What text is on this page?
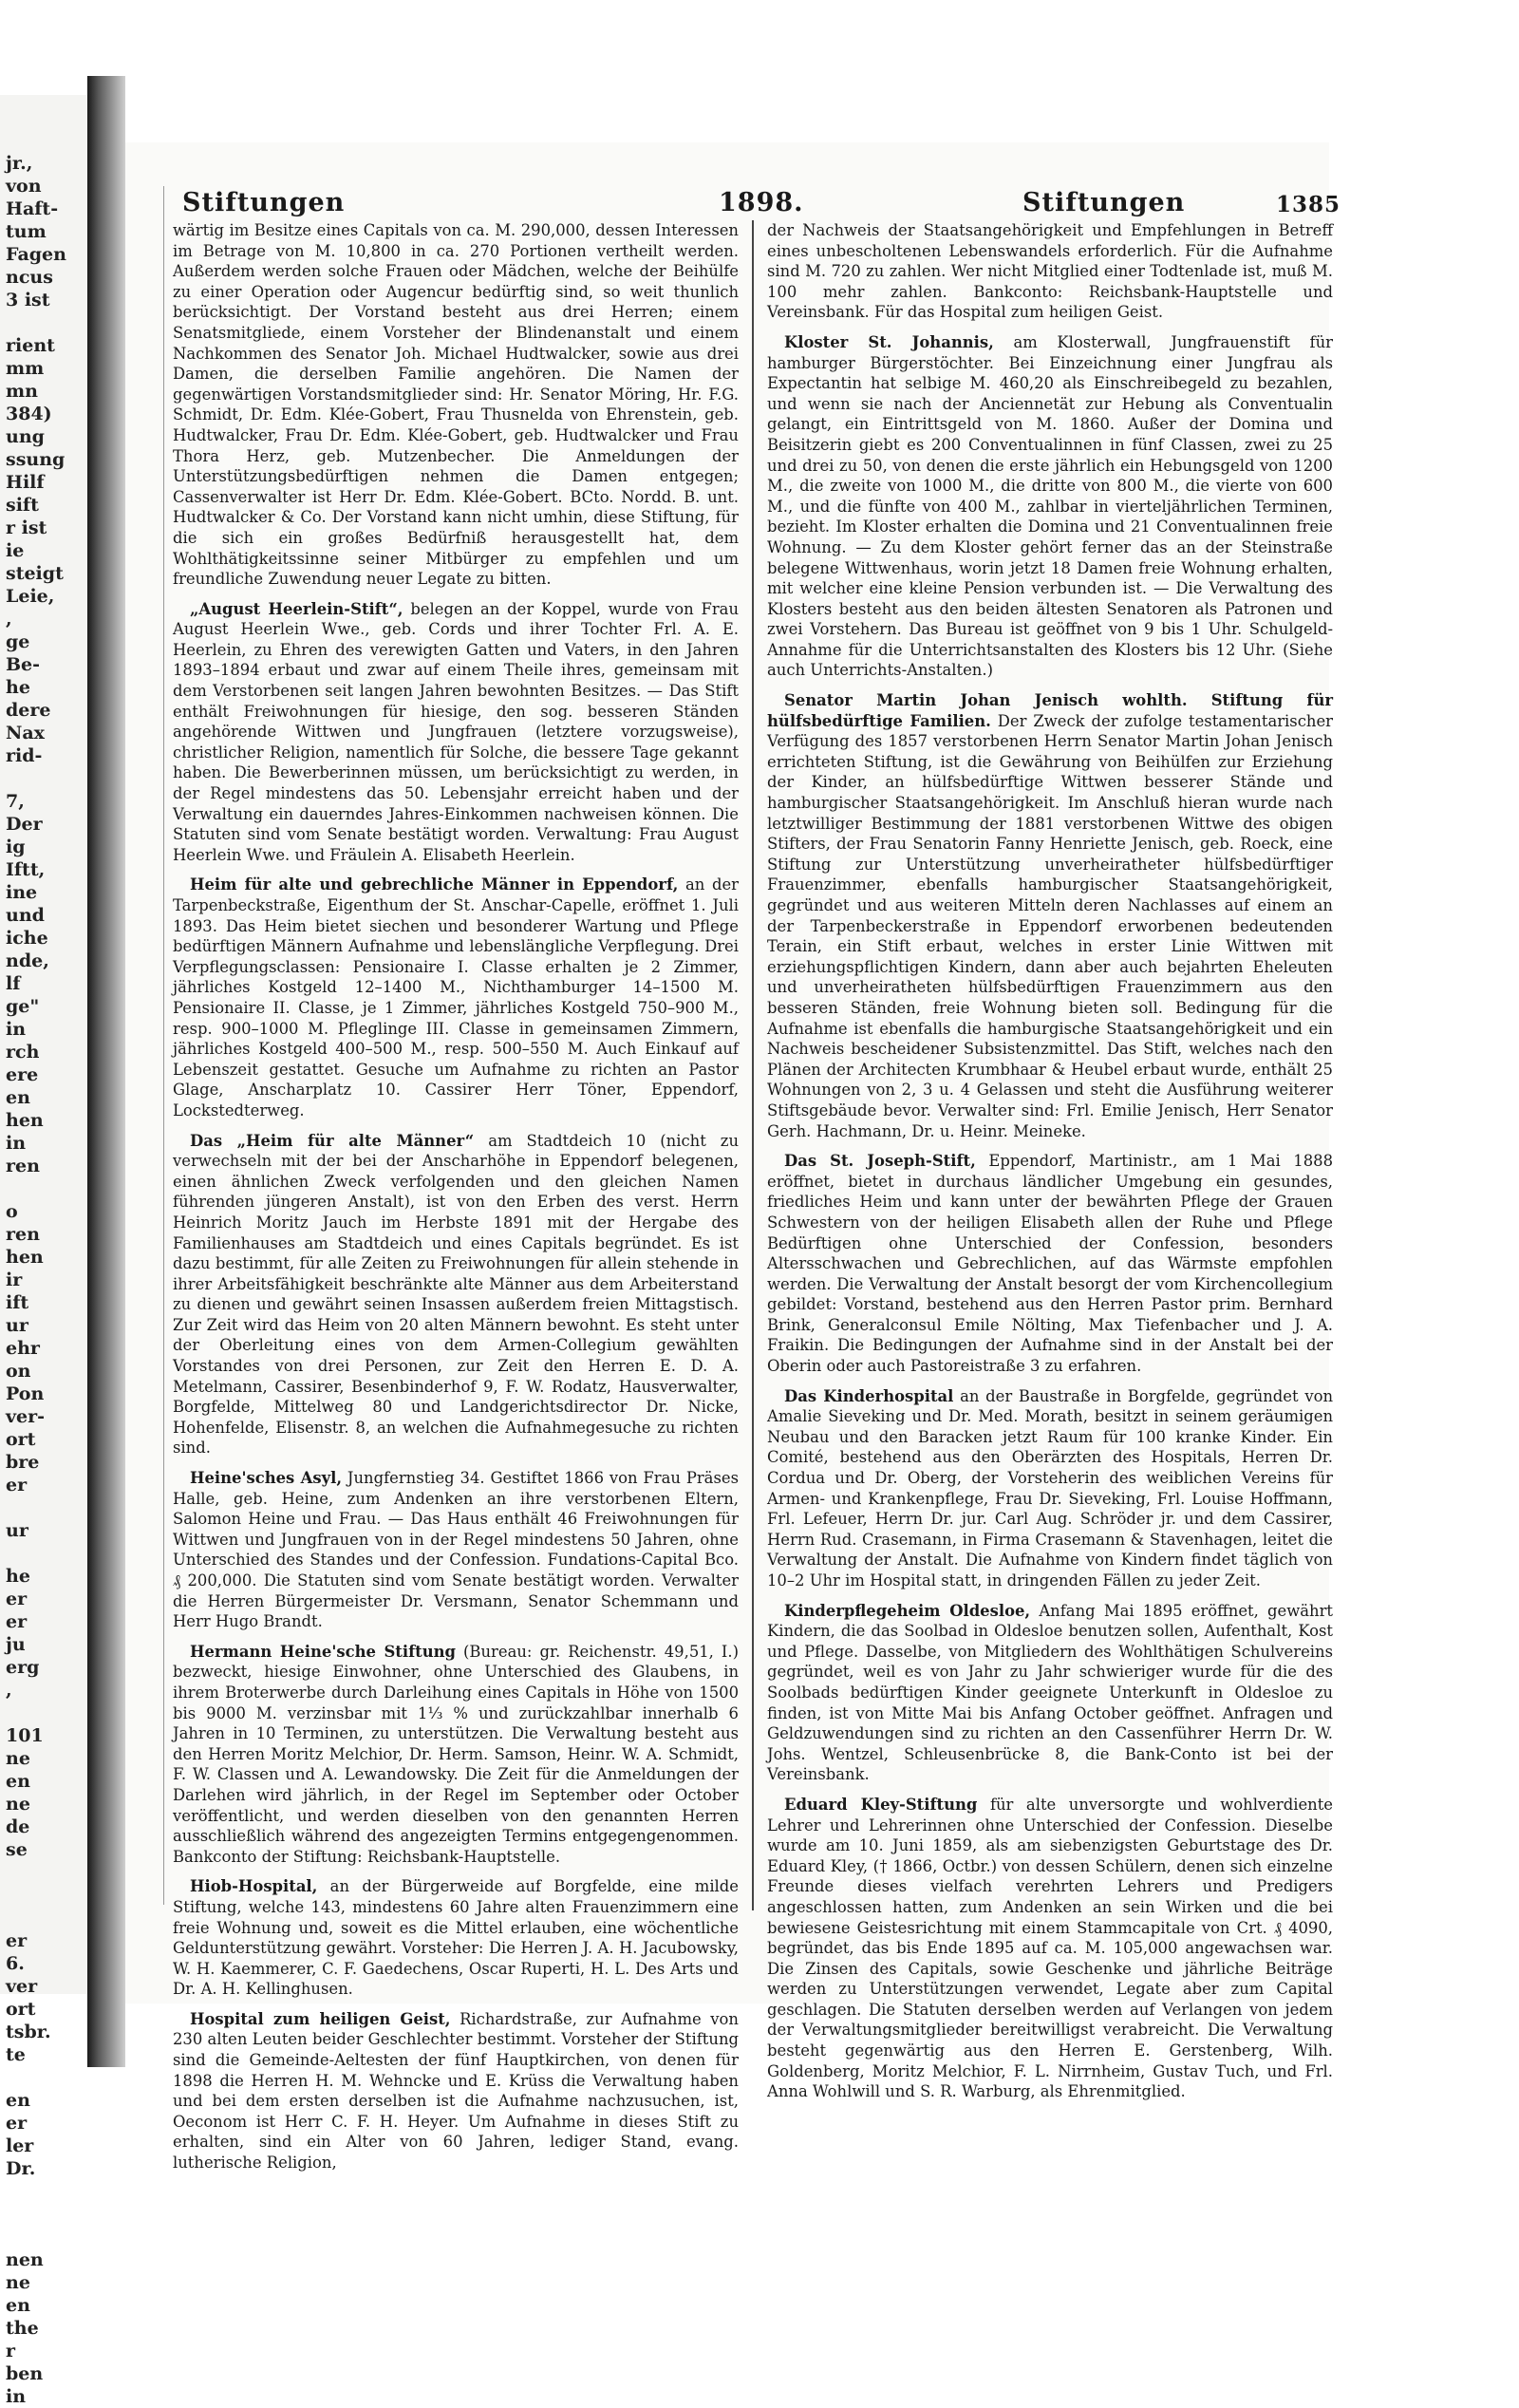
jr.,
von
Haft-
tum
Fagen
ncus
3 ist
rient
mm
mn
384)
ung
ssung
Hilf
sift
r ist
ie
steigt
Leie,
,
ge
Be-
he
dere
Nax
rid-
7,
Der
ig
Iftt,
ine
und
iche
nde,
lf
ge"
in
rch
ere
en
hen
in
ren
o
ren
hen
ir
ift
ur
ehr
on
Pon
ver-
ort
bre
er
ur
he
er
er
ju
erg
,
101
ne
en
ne
de
se
er
6.
ver
ort
tsbr.
te
en
er
ler
Dr.
nen
ne
en
the
r
ben
in
Stiftungen	1898.	Stiftungen	1385

wärtig im Besitze eines Capitals von ca. M. 290,000, dessen Interessen im Betrage von M. 10,800 in ca. 270 Portionen vertheilt werden. Außerdem werden solche Frauen oder Mädchen, welche der Beihülfe zu einer Operation oder Augencur bedürftig sind, so weit thunlich berücksichtigt. Der Vorstand besteht aus drei Herren; einem Senatsmitgliede, einem Vorsteher der Blindenanstalt und einem Nachkommen des Senator Joh. Michael Hudtwalcker, sowie aus drei Damen, die derselben Familie angehören. Die Namen der gegenwärtigen Vorstandsmitglieder sind: Hr. Senator Möring, Hr. F.G. Schmidt, Dr. Edm. Klée-Gobert, Frau Thusnelda von Ehrenstein, geb. Hudtwalcker, Frau Dr. Edm. Klée-Gobert, geb. Hudtwalcker und Frau Thora Herz, geb. Mutzenbecher. Die Anmeldungen der Unterstützungsbedürftigen nehmen die Damen entgegen; Cassenverwalter ist Herr Dr. Edm. Klée-Gobert. BCto. Nordd. B. unt. Hudtwalcker & Co. Der Vorstand kann nicht umhin, diese Stiftung, für die sich ein großes Bedürfniß herausgestellt hat, dem Wohlthätigkeitssinne seiner Mitbürger zu empfehlen und um freundliche Zuwendung neuer Legate zu bitten.

„August Heerlein-Stift“, belegen an der Koppel, wurde von Frau August Heerlein Wwe., geb. Cords und ihrer Tochter Frl. A. E. Heerlein, zu Ehren des verewigten Gatten und Vaters, in den Jahren 1893–1894 erbaut und zwar auf einem Theile ihres, gemeinsam mit dem Verstorbenen seit langen Jahren bewohnten Besitzes. — Das Stift enthält Freiwohnungen für hiesige, den sog. besseren Ständen angehörende Wittwen und Jungfrauen (letztere vorzugsweise), christlicher Religion, namentlich für Solche, die bessere Tage gekannt haben. Die Bewerberinnen müssen, um berücksichtigt zu werden, in der Regel mindestens das 50. Lebensjahr erreicht haben und der Verwaltung ein dauerndes Jahres-Einkommen nachweisen können. Die Statuten sind vom Senate bestätigt worden. Verwaltung: Frau August Heerlein Wwe. und Fräulein A. Elisabeth Heerlein.

Heim für alte und gebrechliche Männer in Eppendorf, an der Tarpenbeckstraße, Eigenthum der St. Anschar-Capelle, eröffnet 1. Juli 1893. Das Heim bietet siechen und besonderer Wartung und Pflege bedürftigen Männern Aufnahme und lebenslängliche Verpflegung. Drei Verpflegungsclassen: Pensionaire I. Classe erhalten je 2 Zimmer, jährliches Kostgeld 12–1400 M., Nichthamburger 14–1500 M. Pensionaire II. Classe, je 1 Zimmer, jährliches Kostgeld 750–900 M., resp. 900–1000 M. Pfleglinge III. Classe in gemeinsamen Zimmern, jährliches Kostgeld 400–500 M., resp. 500–550 M. Auch Einkauf auf Lebenszeit gestattet. Gesuche um Aufnahme zu richten an Pastor Glage, Anscharplatz 10. Cassirer Herr Töner, Eppendorf, Lockstedterweg.

Das „Heim für alte Männer“ am Stadtdeich 10 (nicht zu verwechseln mit der bei der Anscharhöhe in Eppendorf belegenen, einen ähnlichen Zweck verfolgenden und den gleichen Namen führenden jüngeren Anstalt), ist von den Erben des verst. Herrn Heinrich Moritz Jauch im Herbste 1891 mit der Hergabe des Familienhauses am Stadtdeich und eines Capitals begründet. Es ist dazu bestimmt, für alle Zeiten zu Freiwohnungen für allein stehende in ihrer Arbeitsfähigkeit beschränkte alte Männer aus dem Arbeiterstand zu dienen und gewährt seinen Insassen außerdem freien Mittagstisch. Zur Zeit wird das Heim von 20 alten Männern bewohnt. Es steht unter der Oberleitung eines von dem Armen-Collegium gewählten Vorstandes von drei Personen, zur Zeit den Herren E. D. A. Metelmann, Cassirer, Besenbinderhof 9, F. W. Rodatz, Hausverwalter, Borgfelde, Mittelweg 80 und Landgerichtsdirector Dr. Nicke, Hohenfelde, Elisenstr. 8, an welchen die Aufnahmegesuche zu richten sind.

Heine'sches Asyl, Jungfernstieg 34. Gestiftet 1866 von Frau Präses Halle, geb. Heine, zum Andenken an ihre verstorbenen Eltern, Salomon Heine und Frau. — Das Haus enthält 46 Freiwohnungen für Wittwen und Jungfrauen von in der Regel mindestens 50 Jahren, ohne Unterschied des Standes und der Confession. Fundations-Capital Bco. ₰ 200,000. Die Statuten sind vom Senate bestätigt worden. Verwalter die Herren Bürgermeister Dr. Versmann, Senator Schemmann und Herr Hugo Brandt.

Hermann Heine'sche Stiftung (Bureau: gr. Reichenstr. 49,51, I.) bezweckt, hiesige Einwohner, ohne Unterschied des Glaubens, in ihrem Broterwerbe durch Darleihung eines Capitals in Höhe von 1500 bis 9000 M. verzinsbar mit 1⅓ % und zurückzahlbar innerhalb 6 Jahren in 10 Terminen, zu unterstützen. Die Verwaltung besteht aus den Herren Moritz Melchior, Dr. Herm. Samson, Heinr. W. A. Schmidt, F. W. Classen und A. Lewandowsky. Die Zeit für die Anmeldungen der Darlehen wird jährlich, in der Regel im September oder October veröffentlicht, und werden dieselben von den genannten Herren ausschließlich während des angezeigten Termins entgegengenommen. Bankconto der Stiftung: Reichsbank-Hauptstelle.

Hiob-Hospital, an der Bürgerweide auf Borgfelde, eine milde Stiftung, welche 143, mindestens 60 Jahre alten Frauenzimmern eine freie Wohnung und, soweit es die Mittel erlauben, eine wöchentliche Geldunterstützung gewährt. Vorsteher: Die Herren J. A. H. Jacubowsky, W. H. Kaemmerer, C. F. Gaedechens, Oscar Ruperti, H. L. Des Arts und Dr. A. H. Kellinghusen.

Hospital zum heiligen Geist, Richardstraße, zur Aufnahme von 230 alten Leuten beider Geschlechter bestimmt. Vorsteher der Stiftung sind die Gemeinde-Aeltesten der fünf Hauptkirchen, von denen für 1898 die Herren H. M. Wehncke und E. Krüss die Verwaltung haben und bei dem ersten derselben ist die Aufnahme nachzusuchen, ist, Oeconom ist Herr C. F. H. Heyer. Um Aufnahme in dieses Stift zu erhalten, sind ein Alter von 60 Jahren, lediger Stand, evang. lutherische Religion,

der Nachweis der Staatsangehörigkeit und Empfehlungen in Betreff eines unbescholtenen Lebenswandels erforderlich. Für die Aufnahme sind M. 720 zu zahlen. Wer nicht Mitglied einer Todtenlade ist, muß M. 100 mehr zahlen. Bankconto: Reichsbank-Hauptstelle und Vereinsbank. Für das Hospital zum heiligen Geist.

Kloster St. Johannis, am Klosterwall, Jungfrauenstift für hamburger Bürgerstöchter. Bei Einzeichnung einer Jungfrau als Expectantin hat selbige M. 460,20 als Einschreibegeld zu bezahlen, und wenn sie nach der Anciennetät zur Hebung als Conventualin gelangt, ein Eintrittsgeld von M. 1860. Außer der Domina und Beisitzerin giebt es 200 Conventualinnen in fünf Classen, zwei zu 25 und drei zu 50, von denen die erste jährlich ein Hebungsgeld von 1200 M., die zweite von 1000 M., die dritte von 800 M., die vierte von 600 M., und die fünfte von 400 M., zahlbar in vierteljährlichen Terminen, bezieht. Im Kloster erhalten die Domina und 21 Conventualinnen freie Wohnung. — Zu dem Kloster gehört ferner das an der Steinstraße belegene Wittwenhaus, worin jetzt 18 Damen freie Wohnung erhalten, mit welcher eine kleine Pension verbunden ist. — Die Verwaltung des Klosters besteht aus den beiden ältesten Senatoren als Patronen und zwei Vorstehern. Das Bureau ist geöffnet von 9 bis 1 Uhr. Schulgeld-Annahme für die Unterrichtsanstalten des Klosters bis 12 Uhr. (Siehe auch Unterrichts-Anstalten.)

Senator Martin Johan Jenisch wohlth. Stiftung für hülfsbedürftige Familien. Der Zweck der zufolge testamentarischer Verfügung des 1857 verstorbenen Herrn Senator Martin Johan Jenisch errichteten Stiftung, ist die Gewährung von Beihülfen zur Erziehung der Kinder, an hülfsbedürftige Wittwen besserer Stände und hamburgischer Staatsangehörigkeit. Im Anschluß hieran wurde nach letztwilliger Bestimmung der 1881 verstorbenen Wittwe des obigen Stifters, der Frau Senatorin Fanny Henriette Jenisch, geb. Roeck, eine Stiftung zur Unterstützung unverheiratheter hülfsbedürftiger Frauenzimmer, ebenfalls hamburgischer Staatsangehörigkeit, gegründet und aus weiteren Mitteln deren Nachlasses auf einem an der Tarpenbeckerstraße in Eppendorf erworbenen bedeutenden Terain, ein Stift erbaut, welches in erster Linie Wittwen mit erziehungspflichtigen Kindern, dann aber auch bejahrten Eheleuten und unverheiratheten hülfsbedürftigen Frauenzimmern aus den besseren Ständen, freie Wohnung bieten soll. Bedingung für die Aufnahme ist ebenfalls die hamburgische Staatsangehörigkeit und ein Nachweis bescheidener Subsistenzmittel. Das Stift, welches nach den Plänen der Architecten Krumbhaar & Heubel erbaut wurde, enthält 25 Wohnungen von 2, 3 u. 4 Gelassen und steht die Ausführung weiterer Stiftsgebäude bevor. Verwalter sind: Frl. Emilie Jenisch, Herr Senator Gerh. Hachmann, Dr. u. Heinr. Meineke.

Das St. Joseph-Stift, Eppendorf, Martinistr., am 1 Mai 1888 eröffnet, bietet in durchaus ländlicher Umgebung ein gesundes, friedliches Heim und kann unter der bewährten Pflege der Grauen Schwestern von der heiligen Elisabeth allen der Ruhe und Pflege Bedürftigen ohne Unterschied der Confession, besonders Altersschwachen und Gebrechlichen, auf das Wärmste empfohlen werden. Die Verwaltung der Anstalt besorgt der vom Kirchencollegium gebildet: Vorstand, bestehend aus den Herren Pastor prim. Bernhard Brink, Generalconsul Emile Nölting, Max Tiefenbacher und J. A. Fraikin. Die Bedingungen der Aufnahme sind in der Anstalt bei der Oberin oder auch Pastoreistraße 3 zu erfahren.

Das Kinderhospital an der Baustraße in Borgfelde, gegründet von Amalie Sieveking und Dr. Med. Morath, besitzt in seinem geräumigen Neubau und den Baracken jetzt Raum für 100 kranke Kinder. Ein Comité, bestehend aus den Oberärzten des Hospitals, Herren Dr. Cordua und Dr. Oberg, der Vorsteherin des weiblichen Vereins für Armen- und Krankenpflege, Frau Dr. Sieveking, Frl. Louise Hoffmann, Frl. Lefeuer, Herrn Dr. jur. Carl Aug. Schröder jr. und dem Cassirer, Herrn Rud. Crasemann, in Firma Crasemann & Stavenhagen, leitet die Verwaltung der Anstalt. Die Aufnahme von Kindern findet täglich von 10–2 Uhr im Hospital statt, in dringenden Fällen zu jeder Zeit.

Kinderpflegeheim Oldesloe, Anfang Mai 1895 eröffnet, gewährt Kindern, die das Soolbad in Oldesloe benutzen sollen, Aufenthalt, Kost und Pflege. Dasselbe, von Mitgliedern des Wohlthätigen Schulvereins gegründet, weil es von Jahr zu Jahr schwieriger wurde für die des Soolbads bedürftigen Kinder geeignete Unterkunft in Oldesloe zu finden, ist von Mitte Mai bis Anfang October geöffnet. Anfragen und Geldzuwendungen sind zu richten an den Cassenführer Herrn Dr. W. Johs. Wentzel, Schleusenbrücke 8, die Bank-Conto ist bei der Vereinsbank.

Eduard Kley-Stiftung für alte unversorgte und wohlverdiente Lehrer und Lehrerinnen ohne Unterschied der Confession. Dieselbe wurde am 10. Juni 1859, als am siebenzigsten Geburtstage des Dr. Eduard Kley, († 1866, Octbr.) von dessen Schülern, denen sich einzelne Freunde dieses vielfach verehrten Lehrers und Predigers angeschlossen hatten, zum Andenken an sein Wirken und die bei bewiesene Geistesrichtung mit einem Stammcapitale von Crt. ₰ 4090, begründet, das bis Ende 1895 auf ca. M. 105,000 angewachsen war. Die Zinsen des Capitals, sowie Geschenke und jährliche Beiträge werden zu Unterstützungen verwendet, Legate aber zum Capital geschlagen. Die Statuten derselben werden auf Verlangen von jedem der Verwaltungsmitglieder bereitwilligst verabreicht. Die Verwaltung besteht gegenwärtig aus den Herren E. Gerstenberg, Wilh. Goldenberg, Moritz Melchior, F. L. Nirrnheim, Gustav Tuch, und Frl. Anna Wohlwill und S. R. Warburg, als Ehrenmitglied.
